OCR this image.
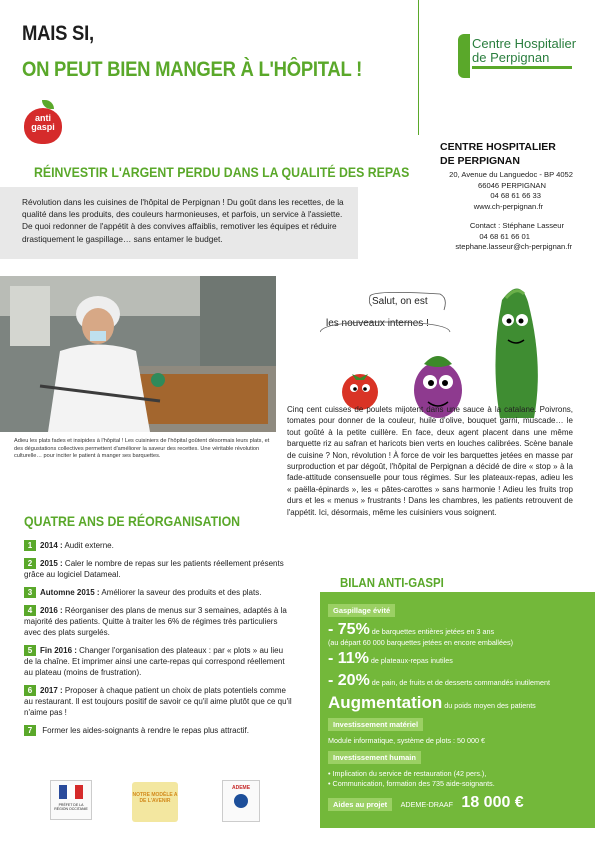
MAIS SI,
ON PEUT BIEN MANGER À L'HÔPITAL !
Centre Hospitalier
de Perpignan
anti
gaspi
RÉINVESTIR L'ARGENT PERDU DANS LA QUALITÉ DES REPAS
Révolution dans les cuisines de l'hôpital de Perpignan ! Du goût dans les recettes, de la qualité dans les produits, des couleurs harmonieuses, et parfois, un service à l'assiette. De quoi redonner de l'appétit à des convives affaiblis, remotiver les équipes et réduire drastiquement le gaspillage… sans entamer le budget.
CENTRE HOSPITALIER
DE PERPIGNAN
20, Avenue du Languedoc - BP 4052
66046 PERPIGNAN
04 68 61 66 33
www.ch-perpignan.fr
Contact : Stéphane Lasseur
04 68 61 66 01
stephane.lasseur@ch-perpignan.fr
Adieu les plats fades et insipides à l'hôpital ! Les cuisiniers de l'hôpital goûtent désormais leurs plats, et des dégustations collectives permettent d'améliorer la saveur des recettes. Une véritable révolution culturelle… pour inciter le patient à manger ses barquettes.
Salut, on est
les nouveaux internes !
Cinq cent cuisses de poulets mijotent dans une sauce à la catalane. Poivrons, tomates pour donner de la couleur, huile d'olive, bouquet garni, muscade… le tout goûté à la petite cuillère. En face, deux agent placent dans une même barquette riz au safran et haricots bien verts en louches calibrées. Scène banale de cuisine ? Non, révolution ! À force de voir les barquettes jetées en masse par surproduction et par dégoût, l'hôpital de Perpignan a décidé de dire « stop » à la fade-attitude consensuelle pour tous régimes. Sur les plateaux-repas, adieu les « paëlla-épinards », les « pâtes-carottes » sans harmonie ! Adieu les fruits trop durs et les « menus » frustrants ! Dans les chambres, les patients retrouvent de l'appétit. Ici, désormais, même les cuisiniers vous soignent.
QUATRE ANS DE RÉORGANISATION
1 2014 : Audit externe.
2 2015 : Caler le nombre de repas sur les patients réellement présents grâce au logiciel Datameal.
3 Automne 2015 : Améliorer la saveur des produits et des plats.
4 2016 : Réorganiser des plans de menus sur 3 semaines, adaptés à la majorité des patients. Quitte à traiter les 6% de régimes très particuliers avec des plats surgelés.
5 Fin 2016 : Changer l'organisation des plateaux : par « plots » au lieu de la chaîne. Et imprimer ainsi une carte-repas qui correspond réellement au plateau (moins de frustration).
6 2017 : Proposer à chaque patient un choix de plats potentiels comme au restaurant. Il est toujours positif de savoir ce qu'il aime plutôt que ce qu'il n'aime pas !
7 Former les aides-soignants à rendre le repas plus attractif.
BILAN ANTI-GASPI
Gaspillage évité
- 75% de barquettes entières jetées en 3 ans
(au départ 60 000 barquettes jetées en encore emballées)
- 11% de plateaux-repas inutiles
- 20% de pain, de fruits et de desserts commandés inutilement
Augmentation du poids moyen des patients
Investissement matériel
Module informatique, système de plots : 50 000 €
Investissement humain
• Implication du service de restauration (42 pers.),
• Communication, formation des 735 aide-soignants.
Aides au projet ADEME-DRAAF 18 000 €
PRÉFET DE LA RÉGION OCCITANIE
NOTRE MODÈLE A DE L'AVENIR
ADEME
